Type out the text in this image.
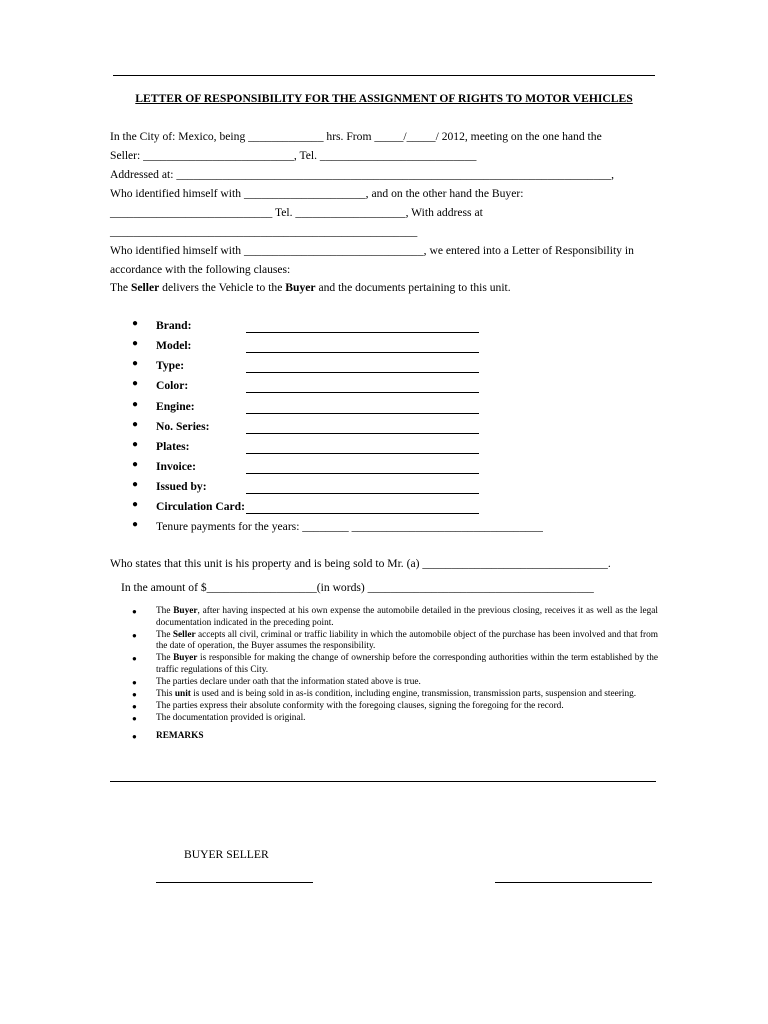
LETTER OF RESPONSIBILITY FOR THE ASSIGNMENT OF RIGHTS TO MOTOR VEHICLES
In the City of: Mexico, being _____________ hrs. From _____/_____/ 2012, meeting on the one hand the
Seller: __________________________, Tel. ___________________________
Addressed at: ___________________________________________________________________________,
Who identified himself with _____________________, and on the other hand the Buyer:
____________________________ Tel. ___________________, With address at
_____________________________________________________
Who identified himself with _______________________________, we entered into a Letter of Responsibility in
accordance with the following clauses:
The Seller delivers the Vehicle to the Buyer and the documents pertaining to this unit.
● Brand:
● Model:
● Type:
● Color:
● Engine:
● No. Series:
● Plates:
● Invoice:
● Issued by:
● Circulation Card:
● Tenure payments for the years: ________ _________________________________
Who states that this unit is his property and is being sold to Mr. (a) ________________________________.
In the amount of $___________________(in words) _______________________________________
● The Buyer, after having inspected at his own expense the automobile detailed in the previous closing, receives it as well as the legal documentation indicated in the preceding point.
● The Seller accepts all civil, criminal or traffic liability in which the automobile object of the purchase has been involved and that from the date of operation, the Buyer assumes the responsibility.
● The Buyer is responsible for making the change of ownership before the corresponding authorities within the term established by the traffic regulations of this City.
● The parties declare under oath that the information stated above is true.
● This unit is used and is being sold in as-is condition, including engine, transmission, transmission parts, suspension and steering.
● The parties express their absolute conformity with the foregoing clauses, signing the foregoing for the record.
● The documentation provided is original.
● REMARKS
BUYER SELLER
